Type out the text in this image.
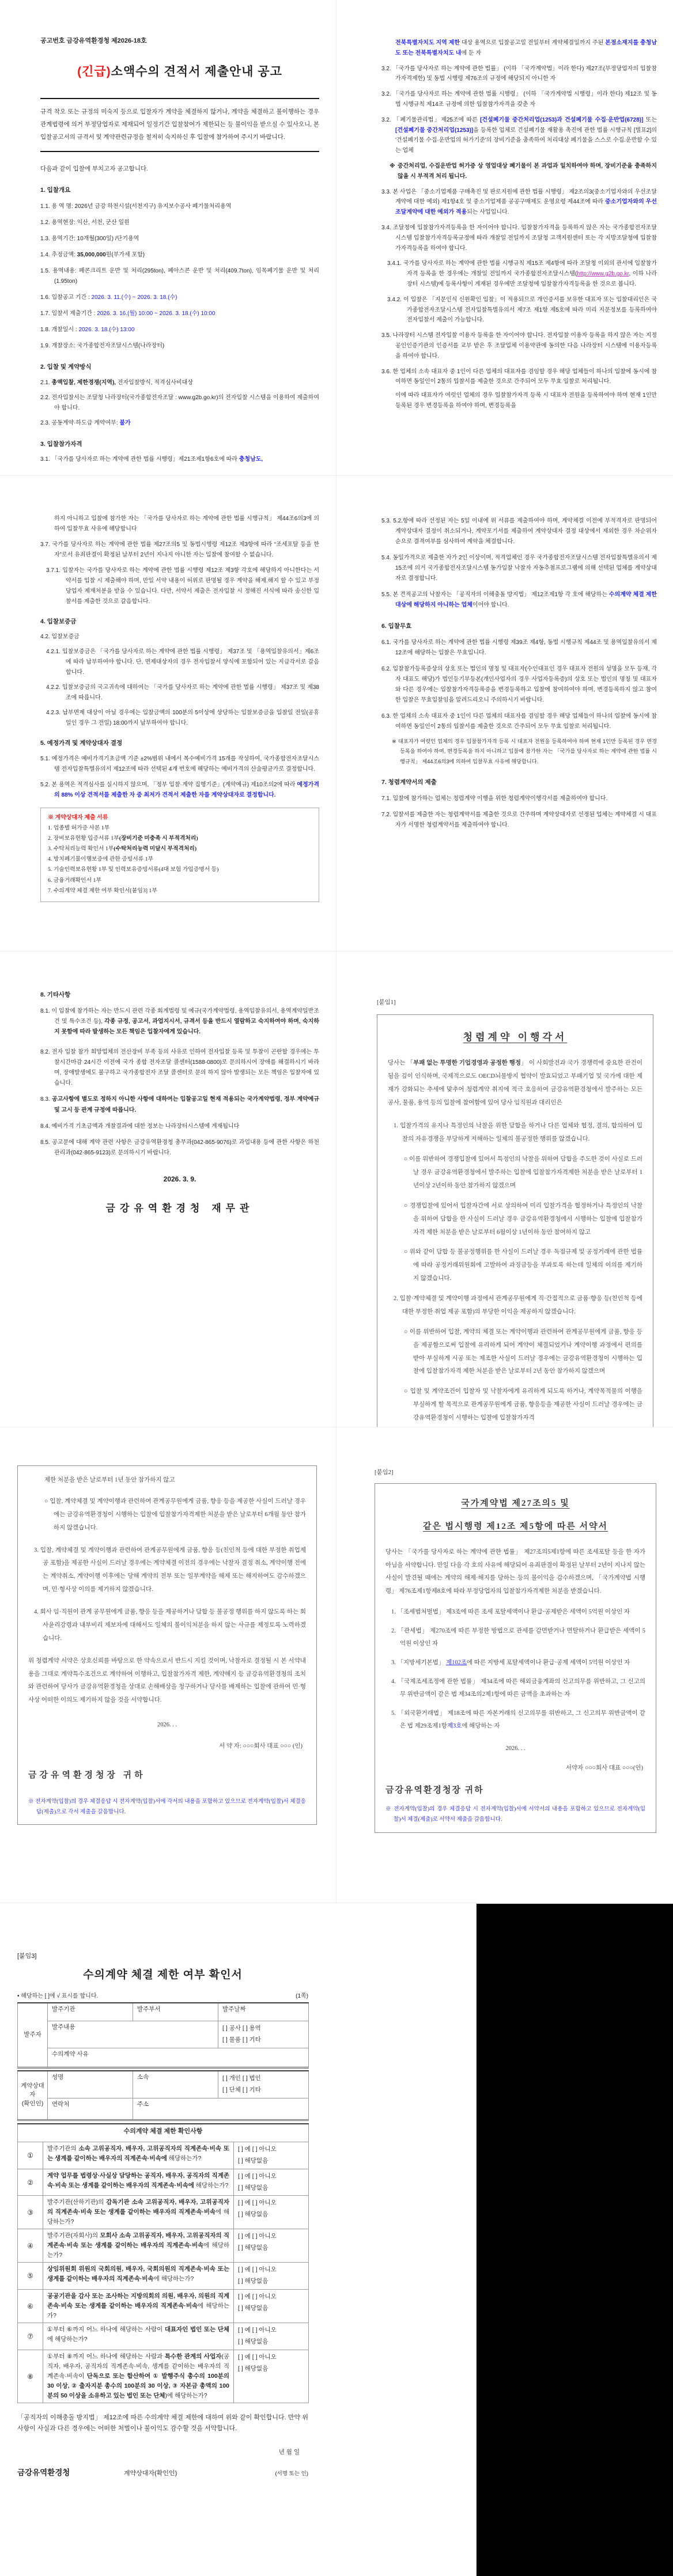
공고번호 금강유역환경청 제2026-18호
(긴급)소액수의 견적서 제출안내 공고
규격 착오 또는 규정의 미숙지 등으로 입찰자가 계약을 체결하지 않거나, 계약을 체결하고 불이행하는 경우 관계법령에 의거 부정당업자로 제재되어 일정기간 입찰참여가 제한되는 등 불이익을 받으실 수 있사오니, 본 입찰공고서의 규격서 및 계약관련규정을 철저히 숙지하신 후 입찰에 참가하여 주시기 바랍니다.
다음과 같이 입찰에 부치고자 공고합니다.
1. 입찰개요
1.1. 용 역 명: 2026년 금강 하천시설(서천지구) 유지보수공사 폐기물처리용역
1.2. 용역현장: 익산, 서천, 군산 일원
1.3. 용역기간: 10개월(300일) /단기용역
1.4. 추정금액: 35,000,000원(부가세 포함)
1.5. 용역내용: 폐콘크리트 운반 및 처리(295ton), 폐아스콘 운반 및 처리(409.7ton), 임목폐기물 운반 및 처리(1.95ton)
1.6. 입찰공고 기간 : 2026. 3. 11.(수) ~ 2026. 3. 18.(수)
1.7. 입찰서 제출기간 : 2026. 3. 16.(월) 10:00 ~ 2026. 3. 18.(수) 10:00
1.8. 개찰일시 : 2026. 3. 18.(수) 13:00
1.9. 개찰장소: 국가종합전자조달시스템(나라장터)
2. 입찰 및 계약방식
2.1. 총액입찰, 제한경쟁(지역), 전자입찰방식, 적격심사비대상
2.2. 전자입찰서는 조달청 나라장터(국가종합전자조달 : www.g2b.go.kr)의 전자입찰 시스템을 이용하여 제출하여야 합니다.
2.3. 공동계약·하도급 계약여부: 불가
3. 입찰참가자격
3.1. 「국가를 당사자로 하는 계약에 관한 법률 시행령」제21조제1항6호에 따라 충청남도,
전북특별자치도 지역 제한 대상 용역으로 입찰공고일 전일부터 계약체결일까지 주된 본점소재지를 충청남도 또는 전북특별자치도 내에 둔 자
3.2. 「국가를 당사자로 하는 계약에 관한 법률」 (이하 「국가계약법」이라 한다) 제27조(부정당업자의 입찰참가자격제한) 및 동법 시행령 제76조의 규정에 해당되지 아니한 자
3.2. 「국가를 당사자로 하는 계약에 관한 법률 시행령」 (이하 「국가계약법 시행령」이라 한다) 제12조 및 동법 시행규칙 제14조 규정에 의한 입찰참가자격을 갖춘 자
3.2. 「폐기물관리법」제25조에 따른 [건설폐기물 중간처리업(1253)과 건설폐기물 수집·운반업(6728)] 또는 [건설폐기물 중간처리업(1253)]을 등록한 업체로 건설폐기물 재활용 촉진에 관한 법률 시행규칙 [별표2]의 '건설폐기물 수집·운반업의 허가기준'의 장비기준을 충족하여 처리대상 폐기물을 스스로 수집.운반할 수 있는 업체
※ 중간처리업, 수집운반업 허가증 상 영업대상 폐기물이 본 과업과 일치하여야 하며, 장비기준을 충족하지 않을 시 부적격 처리 됩니다.
3.3. 본 사업은 「중소기업제품 구매촉진 및 판로지원에 관한 법률 시행령」 제2조의3(중소기업자와의 우선조달계약에 대한 예외) 제1항4호 및 중소기업제품 공공구매제도 운영요령 제44조에 따라 중소기업자와의 우선조달계약에 대한 예외가 적용되는 사업입니다.
3.4. 조달청에 입찰참가자격등록을 한 자이어야 합니다. 입찰참가자격을 등록하지 않은 자는 국가종합전자조달시스템 입찰참가자격등록규정에 따라 개찰일 전일까지 조달청 고객지원센터 또는 각 지방조달청에 입찰참가자격등록을 하여야 합니다.
3.4.1. 국가를 당사자로 하는 계약에 관한 법률 시행규칙 제15조 제4항에 따라 조달청 이외의 관서에 입찰참가자격 등록을 한 경우에는 개찰일 전일까지 국가종합전자조달시스템(http://www.g2b.go.kr, 이하 나라장터 시스템)에 등록사항이 게재된 경우에만 조달청에 입찰참가자격등록을 한 것으로 봅니다.
3.4.2. 이 입찰은 「지문인식 신원확인 입찰」이 적용되므로 개인증서를 보유한 대표자 또는 입찰대리인은 국가종합전자조달시스템 전자입찰특별유의서 제7조 제1항 제5호에 따라 미리 지문정보를 등록하여야 전자입찰서 제출이 가능합니다.
3.5. 나라장터 시스템 전자입찰 이용자 등록을 한 자이어야 합니다. 전자입찰 이용자 등록을 하지 않은 자는 지정 공인인증기관의 인증서를 교부 받은 후 조달업체 이용약관에 동의한 다음 나라장터 시스템에 이용자등록을 하여야 합니다.
3.6. 한 업체의 소속 대표자 중 1인이 다른 업체의 대표자를 겸임할 경우 해당 업체들이 하나의 입찰에 동시에 참여하면 동일인이 2통의 입찰서를 제출한 것으로 간주되어 모두 무효 입찰로 처리됩니다.
이에 따라 대표자가 여럿인 업체의 경우 입찰참가자격 등록 시 대표자 전원을 등록하여야 하며 현재 1인만 등록된 경우 변경등록을 하여야 하며, 변경등록을
하지 아니하고 입찰에 참가한 자는 「국가를 당사자로 하는 계약에 관한 법률 시행규칙」 제44조6의3에 의하여 입찰무효 사유에 해당합니다
3.7. 국가를 당사자로 하는 계약에 관한 법률 제27조의5 및 동법시행령 제12조 제3항에 따라 “조세포탈 등을 한 자”로서 유죄판결이 확정된 날부터 2년이 지나지 아니한 자는 입찰에 참여할 수 없습니다.
3.7.1. 입찰자는 국가를 당사자로 하는 계약에 관한 법률 시행령 제12조 제3항 각호에 해당하지 아니한다는 서약서를 입찰 시 제출해야 하며, 만일 서약 내용이 허위로 판명될 경우 계약을 해제.해지 할 수 있고 부정당업자 제재처분을 받을 수 있습니다. 다만, 서약서 제출은 전자입찰 시 정해진 서식에 따라 송신한 입찰서를 제출한 것으로 갈음합니다.
4. 입찰보증금
4.2. 입찰보증금
4.2.1. 입찰보증금은 「국가를 당사자로 하는 계약에 관한 법률 시행령」 제37조 및 「용역입찰유의서」제6조에 따라 납부하여야 합니다. 단, 면제대상자의 경우 전자입찰서 양식에 포함되어 있는 지급각서로 갈음합니다.
4.2.2. 입찰보증금의 국고귀속에 대하여는 「국가를 당사자로 하는 계약에 관한 법률 시행령」 제37조 및 제38조에 따릅니다.
4.2.3. 납부면제 대상이 아닐 경우에는 입찰금액의 100분의 5이상에 상당하는 입찰보증금을 입찰일 전일(공휴일인 경우 그 전일) 18:00까지 납부하여야 합니다.
5. 예정가격 및 계약상대자 결정
5.1. 예정가격은 예비가격기초금액 기준 ±2%범위 내에서 복수예비가격 15개를 작성하여, 국가종합전자조달시스템 전자입찰특별유의서 제12조에 따라 선택된 4개 번호에 해당하는 예비가격의 산술평균가로 결정합니다.
5.2. 본 용역은 적격심사를 실시하지 않으며, 「정부 입찰·계약 집행기준」(계약예규) 제10조의2에 따라 예정가격의 88% 이상 견적서를 제출한 자 중 최저가 견적서 제출한 자를 계약상대자로 결정합니다.
※ 계약상대자 제출 서류
1. 업종별 허가증 사본 1부
2. 장비보유현황 입증서류 1부(장비기준 미충족 시 부적격처리)
3. 수탁처리능력 확인서 1부(수탁처리능력 미달시 부적격처리)
4. 방치폐기물이행보증에 관한 증빙서류 1부
5. 기술인력보유현황 1부 및 인력보유증빙서류(4대 보험 가입증명서 등)
6. 금융거래확인서 1부
7. 수의계약 체결 제한 여부 확인서[붙임3] 1부
5.3. 5.2.항에 따라 선정된 자는 5일 이내에 위 서류를 제출하여야 하며, 계약체결 이전에 부적격자로 판명되어 계약상대자 결정이 취소되거나, 계약포기서를 제출하여 계약상대자 결정 대상에서 제외한 경우 차순위자 순으로 결격여부를 심사하여 계약을 체결합니다.
5.4. 동일가격으로 제출한 자가 2인 이상이며, 적격업체인 경우 국가종합전자조달시스템 전자입찰특별유의서 제15조에 의거 국가종합전자조달시스템 동가입찰 낙찰자 자동추첨프로그램에 의해 선택된 업체를 계약상대자로 결정합니다.
5.5. 본 견적공고의 낙찰자는 「공직자의 이해충돌 방지법」 제12조제1항 각 호에 해당하는 수의계약 체결 제한대상에 해당하지 아니하는 업체이어야 합니다.
6. 입찰무효
6.1. 국가를 당사자로 하는 계약에 관한 법률 시행령 제39조 제4항, 동법 시행규칙 제44조 및 용역입찰유의서 제12조에 해당하는 입찰은 무효입니다.
6.2. 입찰참가등록증상의 상호 또는 법인의 명칭 및 대표자(수인대표인 경우 대표자 전원의 성명을 모두 등재, 각자 대표도 해당)가 법인등기부등본(개인사업자의 경우 사업자등록증)의 상호 또는 법인의 명칭 및 대표자와 다른 경우에는 입찰참가자격등록증을 변경등록하고 입찰에 참여하여야 하며, 변경등록하지 않고 참여한 입찰은 무효입찰임을 알려드리오니 주의하시기 바랍니다.
6.3. 한 업체의 소속 대표자 중 1인이 다른 업체의 대표자를 겸임할 경우 해당 업체들이 하나의 입찰에 동시에 참여하면 동일인이 2통의 입찰서를 제출한 것으로 간주되어 모두 무효 입찰로 처리됩니다.
※ 대표자가 여럿인 업체의 경우 입찰참가자격 등록 시 대표자 전원을 등록하여야 하며 현재 1인만 등록된 경우 변경등록을 하여야 하며, 변경등록을 하지 아니하고 입찰에 참가한 자는 「국가를 당사자로 하는 계약에 관한 법률 시행규칙」 제44조6의3에 의하여 입찰무효 사유에 해당합니다.
7. 청렴계약서의 제출
7.1. 입찰에 참가하는 업체는 청렴계약 이행을 위한 청렴계약이행각서를 제출하여야 합니다.
7.2. 입찰서를 제출한 자는 청렴계약서를 제출한 것으로 간주하며 계약상대자로 선정된 업체는 계약체결 시 대표자가 서명한 청렴계약서를 제출하여야 합니다.
8. 기타사항
8.1. 이 입찰에 참가하는 자는 반드시 관련 각종 회계법령 및 예규(국가계약법령, 용역입찰유의서, 용역계약일반조건 및 특수조건 등), 각종 규정, 공고서, 과업지시서, 규격서 등을 반드시 열람하고 숙지하여야 하며, 숙지하지 못함에 따라 발생하는 모든 책임은 입찰자에게 있습니다.
8.2. 전자 입찰 참가 희망업체의 전산장비 부족 등의 사유로 인하여 전자입찰 등록 및 투찰이 곤란할 경우에는 투찰시간마감 24시간 이전에 국가 종합 전자조달 콜센터(1588-0800)로 문의하시어 장애를 해결하시기 바라며, 장애발생에도 불구하고 국가종합전자 조달 콜센터로 문의 하지 않아 발생되는 모든 책임은 입찰자에 있습니다.
8.3. 공고사항에 별도로 정하지 아니한 사항에 대하여는 입찰공고일 현재 적용되는 국가계약법령, 정부 계약예규 및 고시 등 관계 규정에 따릅니다.
8.4. 예비가격 기초금액과 개찰결과에 대한 정보는 나라장터시스템에 게재됩니다
8.5. 공고문에 대해 계약 관련 사항은 금강유역환경청 총무과(042-865-9076)로 과업내용 등에 관한 사항은 하천관리과(042-865-9123)로 문의하시기 바랍니다.
2026. 3. 9.
금강유역환경청 재무관
[붙임1]
청렴계약 이행각서
당사는 「부패 없는 투명한 기업경영과 공정한 행정」 이 사회발전과 국가 경쟁력에 중요한 관건이 됨을 깊이 인식하며, 국제적으로도 OECD뇌물방지 협약이 발효되었고 부패기업 및 국가에 대한 제재가 강화되는 추세에 맞추어 청렴계약 취지에 적극 호응하여 금강유역환경청에서 발주하는 모든 공사, 물품, 용역 등의 입찰에 참여함에 있어 당사 임직원과 대리인은
1. 입찰가격의 유지나 특정인의 낙찰을 위한 담합을 하거나 다른 업체와 협정, 결의, 합의하여 입찰의 자유경쟁을 부당하게 저해하는 일체의 불공정한 행위를 않겠습니다.
○ 이를 위반하여 경쟁입찰에 있어서 특정인의 낙찰을 위하여 담합을 주도한 것이 사실로 드러날 경우 금강유역환경청에서 발주하는 입찰에 입찰참가자격제한 처분을 받은 날로부터 1년이상 2년이하 동안 참가하지 않겠으며
○ 경쟁입찰에 있어서 입찰자간에 서로 상의하여 미리 입찰가격을 협정하거나 특정인의 낙찰을 위하여 담합을 한 사실이 드러날 경우 금강유역환경청에서 시행하는 입찰에 입찰참가자격 제한 처분을 받은 날로부터 6월이상 1년이하 동안 참여하지 않고
○ 위와 같이 담합 등 불공정행위를 한 사실이 드러날 경우 독점규제 및 공정거래에 관한 법률에 따라 공정거래위원회에 고발하여 과징금등을 부과토록 하는데 일체의 이의를 제기하지 않겠습니다.
2. 입찰·계약체결 및 계약이행 과정에서 관계공무원에게 직·간접적으로 금품·향응 등(친인척 등에 대한 부정한 취업 제공 포함)의 부당한 이익을 제공하지 않겠습니다.
○ 이를 위반하여 입찰, 계약의 체결 또는 계약이행과 관련하여 관계공무원에게 금품, 향응 등을 제공함으로써 입찰에 유리하게 되어 계약이 체결되었거나 계약이행 과정에서 편의를 받아 부실하게 시공 또는 제조한 사실이 드러날 경우에는 금강유역환경청이 시행하는 입찰에 입찰참가자격 제한 처분을 받은 날로부터 2년 동안 참가하지 않겠으며
○ 입찰 및 계약조건이 입찰자 및 낙찰자에게 유리하게 되도록 하거나, 계약목적물의 이행을 부실하게 할 목적으로 관계공무원에게 금품, 향응등을 제공한 사실이 드러날 경우에는 금강유역환경청이 시행하는 입찰에 입찰참가자격
제한 처분을 받은 날로부터 1년 동안 참가하지 않고
○ 입찰, 계약체결 및 계약이행과 관련하여 관계공무원에게 금품, 향응 등을 제공한 사실이 드러날 경우에는 금강유역환경청이 시행하는 입찰에 입찰참가자격제한 처분을 받은 날로부터 6개월 동안 참가하지 않겠습니다.
3. 입찰, 계약체결 및 계약이행과 관련하여 관계공무원에게 금품, 향응 등(친인척 등에 대한 부정한 취업제공 포함)을 제공한 사실이 드러날 경우에는 계약체결 이전의 경우에는 낙찰자 결정 취소, 계약이행 전에는 계약취소, 계약이행 이후에는 당해 계약의 전부 또는 일부계약을 해제 또는 해지하여도 감수하겠으며, 민·형사상 이의를 제기하지 않겠습니다.
4. 회사 임·직원이 관계 공무원에게 금품, 향응 등을 제공하거나 담합 등 불공정 행위를 하지 않도록 하는 회사윤리강령과 내부비리 제보자에 대해서도 일체의 불이익처분을 하지 않는 사규를 제정토록 노력하겠습니다.
위 청렴계약 서약은 상호신뢰를 바탕으로 한 약속으로서 반드시 지킬 것이며, 낙찰자로 결정될 시 본 서약내용을 그대로 계약특수조건으로 계약하여 이행하고, 입찰참가자격 제한, 계약해지 등 금강유역환경청의 조치와 관련하여 당사가 금강유역환경청을 상대로 손해배상을 청구하거나 당사를 배제하는 입찰에 관하여 민·형사상 어떠한 이의도 제기하지 않을 것을 서약합니다.
2026. . .
서 약 자: ○○○회사 대표 ○○○ (인)
금강유역환경청장 귀하
※ 전자계약(입찰)의 경우 체결응답 시 전자계약(입찰)서에 각서의 내용을 포함하고 있으므로 전자계약(입찰)서 체결응답(제출)으로 각서 제출을 갈음합니다.
[붙임2]
국가계약법 제27조의5 및
같은 법시행령 제12조 제5항에 따른 서약서
당사는 「국가를 당사자로 하는 계약에 관한 법률」 제27조의5제1항에 따른 조세포탈 등을 한 자가 아님을 서약합니다. 만일 다음 각 호의 사유에 해당되어 유죄판결이 확정된 날부터 2년이 지나지 않는 사실이 발견될 때에는 계약의 해제·해지를 당하는 등의 불이익을 감수하겠으며, 「국가계약법 시행령」 제76조제1항제8호에 따라 부정당업자의 입찰참가자격제한 처분을 받겠습니다.
1. 「조세범처벌법」 제3조에 따른 조세 포탈세액이나 환급·공제받은 세액이 5억원 이상인 자
2. 「관세법」 제270조에 따른 부정한 방법으로 관세를 감면받거나 면탈하거나 환급받은 세액이 5억원 이상인 자
3. 「지방세기본법」 제102조에 따른 지방세 포탈세액이나 환급·공제 세액이 5억원 이상인 자
4. 「국제조세조정에 관한 법률」 제34조에 따른 해외금융계좌의 신고의무를 위반하고, 그 신고의무 위반금액이 같은 법 제34조의2제1항에 따른 금액을 초과하는 자
5. 「외국환거래법」 제18조에 따른 자본거래의 신고의무를 위반하고, 그 신고의무 위반금액이 같은 법 제29조제1항제3호에 해당하는 자
2026. . .
서약자 ○○○회사 대표 ○○○(인)
금강유역환경청장 귀하
※ 전자계약(입찰)의 경우 체결응답 시 전자계약(입찰)서에 서약서의 내용을 포함하고 있으므로 전자계약(입찰)서 체결(제출)로 서약서 제출을 갈음합니다.
[붙임3]
수의계약 체결 제한 여부 확인서
• 해당하는 [ ]에 √ 표시를 합니다.	(1쪽)
발주자	발주기관	발주부서	발주날짜
	발주내용		[ ] 공사 [ ] 용역
[ ] 물품 [ ] 기타
	수의계약 사유		
계약상대자
(확인인)	성명	소속	[ ] 개인 [ ] 법인
[ ] 단체 [ ] 기타
	연락처	주소	
수의계약 체결 제한 확인사항		
①	발주기관의 소속 고위공직자, 배우자, 고위공직자의 직계존속·비속 또는 생계를 같이하는 배우자의 직계존속·비속에 해당하는가?	[ ] 예 [ ] 아니오
[ ] 해당없음
②	계약 업무를 법령상·사실상 담당하는 공직자, 배우자, 공직자의 직계존속·비속 또는 생계를 같이하는 배우자의 직계존속·비속에 해당하는가?	[ ] 예 [ ] 아니오
[ ] 해당없음
③	발주기관(산하기관)의 감독기관 소속 고위공직자, 배우자, 고위공직자의 직계존속·비속 또는 생계를 같이하는 배우자의 직계존속·비속에 해당하는가?	[ ] 예 [ ] 아니오
[ ] 해당없음
④	발주기관(자회사)의 모회사 소속 고위공직자, 배우자, 고위공직자의 직계존속·비속 또는 생계를 같이하는 배우자의 직계존속·비속에 해당하는가?	[ ] 예 [ ] 아니오
[ ] 해당없음
⑤	상임위원회 위원의 국회의원, 배우자, 국회의원의 직계존속·비속 또는 생계를 같이하는 배우자의 직계존속·비속에 해당하는가?	[ ] 예 [ ] 아니오
[ ] 해당없음
⑥	공공기관을 감사 또는 조사하는 지방의회의 의원, 배우자, 의원의 직계존속·비속 또는 생계를 같이하는 배우자의 직계존속·비속에 해당하는가?	[ ] 예 [ ] 아니오
[ ] 해당없음
⑦	①부터 ⑥까지 어느 하나에 해당하는 사람이 대표자인 법인 또는 단체에 해당하는가?	[ ] 예 [ ] 아니오
[ ] 해당없음
⑧	①부터 ⑧까지 어느 하나에 해당하는 사람과 특수한 관계의 사업자(공직자, 배우자, 공직자의 직계존속·비속, 생계를 같이하는 배우자의 직계존속·비속이 단독으로 또는 합산하여 ① 발행주식 총수의 100분의 30 이상, ② 출자지분 총수의 100분의 30 이상, ③ 자본금 총액의 100분의 50 이상을 소유하고 있는 법인 또는 단체)에 해당하는가?	[ ] 예 [ ] 아니오
[ ] 해당없음
「공직자의 이해충돌 방지법」 제12조에 따른 수의계약 체결 제한에 대하여 위와 같이 확인합니다. 만약 위 사항이 사실과 다른 경우에는 어떠한 처벌이나 불이익도 감수할 것을 서약합니다.
년 월 일
금강유역환경청	계약상대자(확인인)	(서명 또는 인)
